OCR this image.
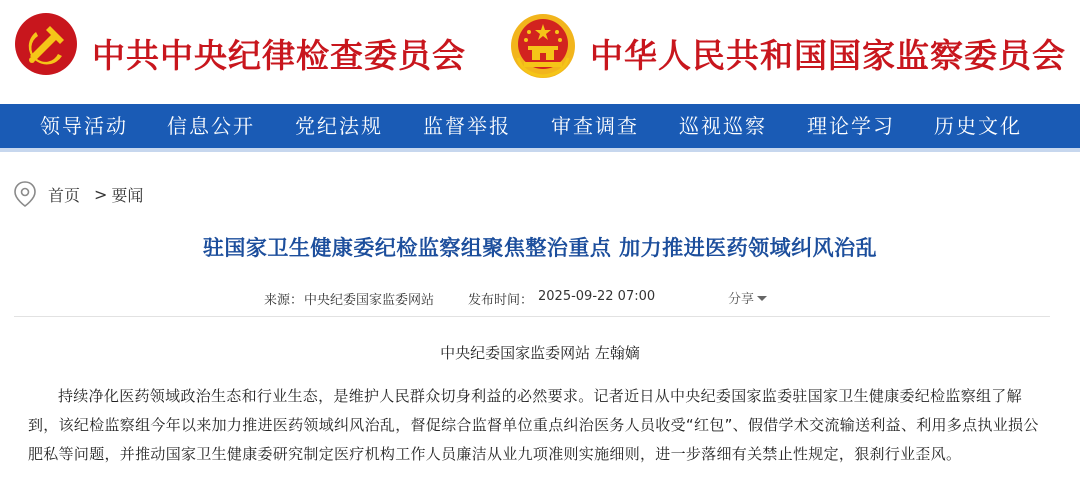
中共中央纪律检查委员会	中华人民共和国国家监察委员会
领导活动 信息公开 党纪法规 监督举报 审查调查 巡视巡察 理论学习 历史文化
首页 > 要闻
驻国家卫生健康委纪检监察组聚焦整治重点 加力推进医药领域纠风治乱
来源： 中央纪委国家监委网站	发布时间： 2025-09-22 07:00	分享
中央纪委国家监委网站 左翰嫡

持续净化医药领域政治生态和行业生态，是维护人民群众切身利益的必然要求。记者近日从中央纪委国家监委驻国家卫生健康委纪检监察组了解到，该纪检监察组今年以来加力推进医药领域纠风治乱，督促综合监督单位重点纠治医务人员收受“红包”、假借学术交流输送利益、利用多点执业损公肥私等问题，并推动国家卫生健康委研究制定医疗机构工作人员廉洁从业九项准则实施细则，进一步落细有关禁止性规定，狠刹行业歪风。
